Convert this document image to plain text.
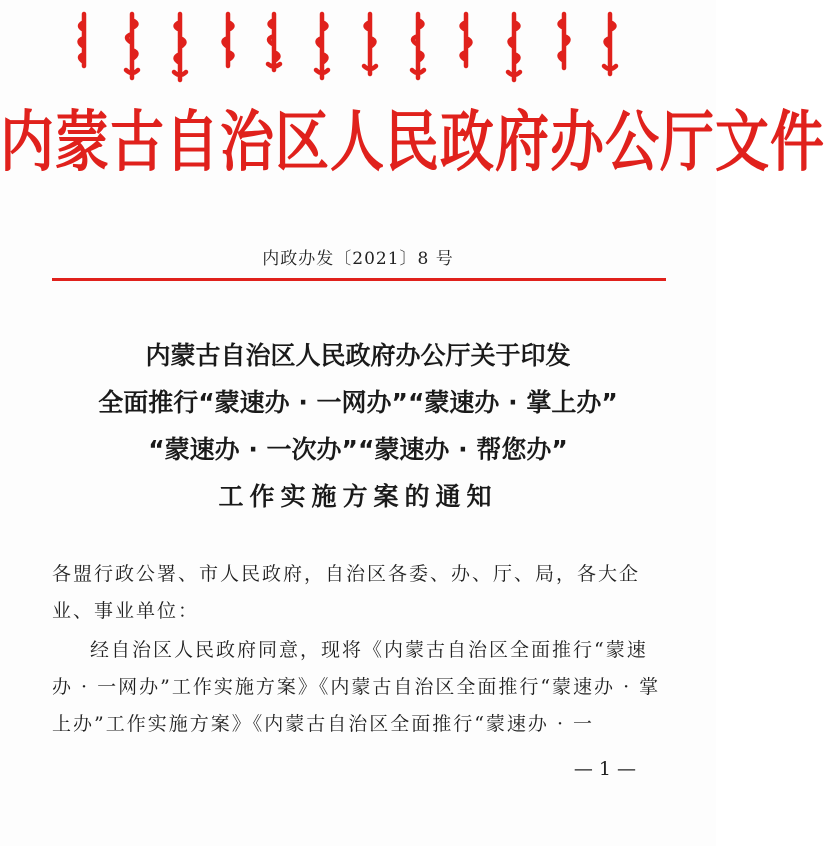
内蒙古自治区人民政府办公厅文件
内政办发〔2021〕8 号
内蒙古自治区人民政府办公厅关于印发
全面推行“蒙速办 · 一网办”“蒙速办 · 掌上办”
“蒙速办 · 一次办”“蒙速办 · 帮您办”
工作实施方案的通知

各盟行政公署、市人民政府，自治区各委、办、厅、局，各大企业、事业单位：

经自治区人民政府同意，现将《内蒙古自治区全面推行“蒙速办 · 一网办”工作实施方案》《内蒙古自治区全面推行“蒙速办 · 掌上办”工作实施方案》《内蒙古自治区全面推行“蒙速办 · 一

— 1 —
